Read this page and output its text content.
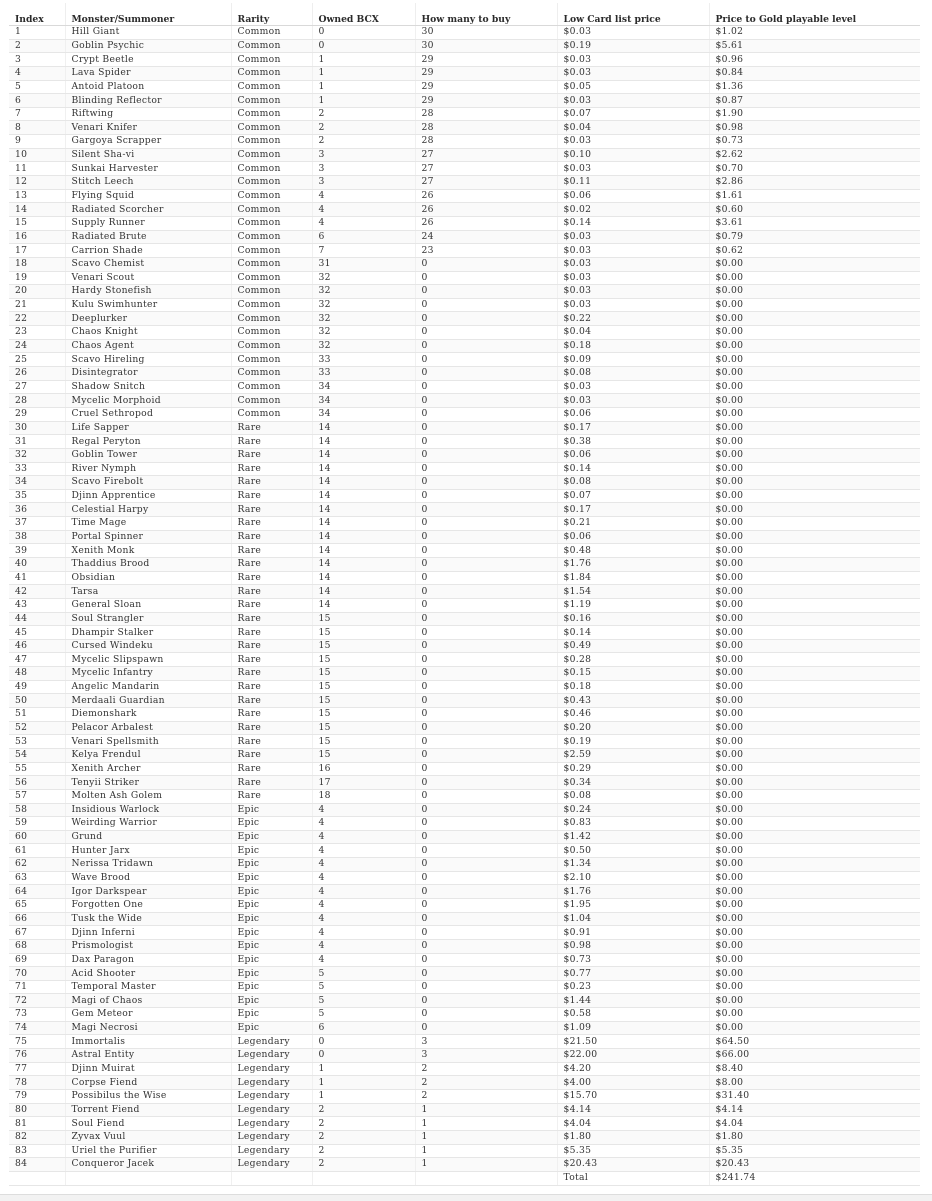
Index	Monster/Summoner	Rarity	Owned BCX	How many to buy	Low Card list price	Price to Gold playable level
1	Hill Giant	Common	0	30	$0.03	$1.02
2	Goblin Psychic	Common	0	30	$0.19	$5.61
3	Crypt Beetle	Common	1	29	$0.03	$0.96
4	Lava Spider	Common	1	29	$0.03	$0.84
5	Antoid Platoon	Common	1	29	$0.05	$1.36
6	Blinding Reflector	Common	1	29	$0.03	$0.87
7	Riftwing	Common	2	28	$0.07	$1.90
8	Venari Knifer	Common	2	28	$0.04	$0.98
9	Gargoya Scrapper	Common	2	28	$0.03	$0.73
10	Silent Sha-vi	Common	3	27	$0.10	$2.62
11	Sunkai Harvester	Common	3	27	$0.03	$0.70
12	Stitch Leech	Common	3	27	$0.11	$2.86
13	Flying Squid	Common	4	26	$0.06	$1.61
14	Radiated Scorcher	Common	4	26	$0.02	$0.60
15	Supply Runner	Common	4	26	$0.14	$3.61
16	Radiated Brute	Common	6	24	$0.03	$0.79
17	Carrion Shade	Common	7	23	$0.03	$0.62
18	Scavo Chemist	Common	31	0	$0.03	$0.00
19	Venari Scout	Common	32	0	$0.03	$0.00
20	Hardy Stonefish	Common	32	0	$0.03	$0.00
21	Kulu Swimhunter	Common	32	0	$0.03	$0.00
22	Deeplurker	Common	32	0	$0.22	$0.00
23	Chaos Knight	Common	32	0	$0.04	$0.00
24	Chaos Agent	Common	32	0	$0.18	$0.00
25	Scavo Hireling	Common	33	0	$0.09	$0.00
26	Disintegrator	Common	33	0	$0.08	$0.00
27	Shadow Snitch	Common	34	0	$0.03	$0.00
28	Mycelic Morphoid	Common	34	0	$0.03	$0.00
29	Cruel Sethropod	Common	34	0	$0.06	$0.00
30	Life Sapper	Rare	14	0	$0.17	$0.00
31	Regal Peryton	Rare	14	0	$0.38	$0.00
32	Goblin Tower	Rare	14	0	$0.06	$0.00
33	River Nymph	Rare	14	0	$0.14	$0.00
34	Scavo Firebolt	Rare	14	0	$0.08	$0.00
35	Djinn Apprentice	Rare	14	0	$0.07	$0.00
36	Celestial Harpy	Rare	14	0	$0.17	$0.00
37	Time Mage	Rare	14	0	$0.21	$0.00
38	Portal Spinner	Rare	14	0	$0.06	$0.00
39	Xenith Monk	Rare	14	0	$0.48	$0.00
40	Thaddius Brood	Rare	14	0	$1.76	$0.00
41	Obsidian	Rare	14	0	$1.84	$0.00
42	Tarsa	Rare	14	0	$1.54	$0.00
43	General Sloan	Rare	14	0	$1.19	$0.00
44	Soul Strangler	Rare	15	0	$0.16	$0.00
45	Dhampir Stalker	Rare	15	0	$0.14	$0.00
46	Cursed Windeku	Rare	15	0	$0.49	$0.00
47	Mycelic Slipspawn	Rare	15	0	$0.28	$0.00
48	Mycelic Infantry	Rare	15	0	$0.15	$0.00
49	Angelic Mandarin	Rare	15	0	$0.18	$0.00
50	Merdaali Guardian	Rare	15	0	$0.43	$0.00
51	Diemonshark	Rare	15	0	$0.46	$0.00
52	Pelacor Arbalest	Rare	15	0	$0.20	$0.00
53	Venari Spellsmith	Rare	15	0	$0.19	$0.00
54	Kelya Frendul	Rare	15	0	$2.59	$0.00
55	Xenith Archer	Rare	16	0	$0.29	$0.00
56	Tenyii Striker	Rare	17	0	$0.34	$0.00
57	Molten Ash Golem	Rare	18	0	$0.08	$0.00
58	Insidious Warlock	Epic	4	0	$0.24	$0.00
59	Weirding Warrior	Epic	4	0	$0.83	$0.00
60	Grund	Epic	4	0	$1.42	$0.00
61	Hunter Jarx	Epic	4	0	$0.50	$0.00
62	Nerissa Tridawn	Epic	4	0	$1.34	$0.00
63	Wave Brood	Epic	4	0	$2.10	$0.00
64	Igor Darkspear	Epic	4	0	$1.76	$0.00
65	Forgotten One	Epic	4	0	$1.95	$0.00
66	Tusk the Wide	Epic	4	0	$1.04	$0.00
67	Djinn Inferni	Epic	4	0	$0.91	$0.00
68	Prismologist	Epic	4	0	$0.98	$0.00
69	Dax Paragon	Epic	4	0	$0.73	$0.00
70	Acid Shooter	Epic	5	0	$0.77	$0.00
71	Temporal Master	Epic	5	0	$0.23	$0.00
72	Magi of Chaos	Epic	5	0	$1.44	$0.00
73	Gem Meteor	Epic	5	0	$0.58	$0.00
74	Magi Necrosi	Epic	6	0	$1.09	$0.00
75	Immortalis	Legendary	0	3	$21.50	$64.50
76	Astral Entity	Legendary	0	3	$22.00	$66.00
77	Djinn Muirat	Legendary	1	2	$4.20	$8.40
78	Corpse Fiend	Legendary	1	2	$4.00	$8.00
79	Possibilus the Wise	Legendary	1	2	$15.70	$31.40
80	Torrent Fiend	Legendary	2	1	$4.14	$4.14
81	Soul Fiend	Legendary	2	1	$4.04	$4.04
82	Zyvax Vuul	Legendary	2	1	$1.80	$1.80
83	Uriel the Purifier	Legendary	2	1	$5.35	$5.35
84	Conqueror Jacek	Legendary	2	1	$20.43	$20.43
					Total	$241.74
